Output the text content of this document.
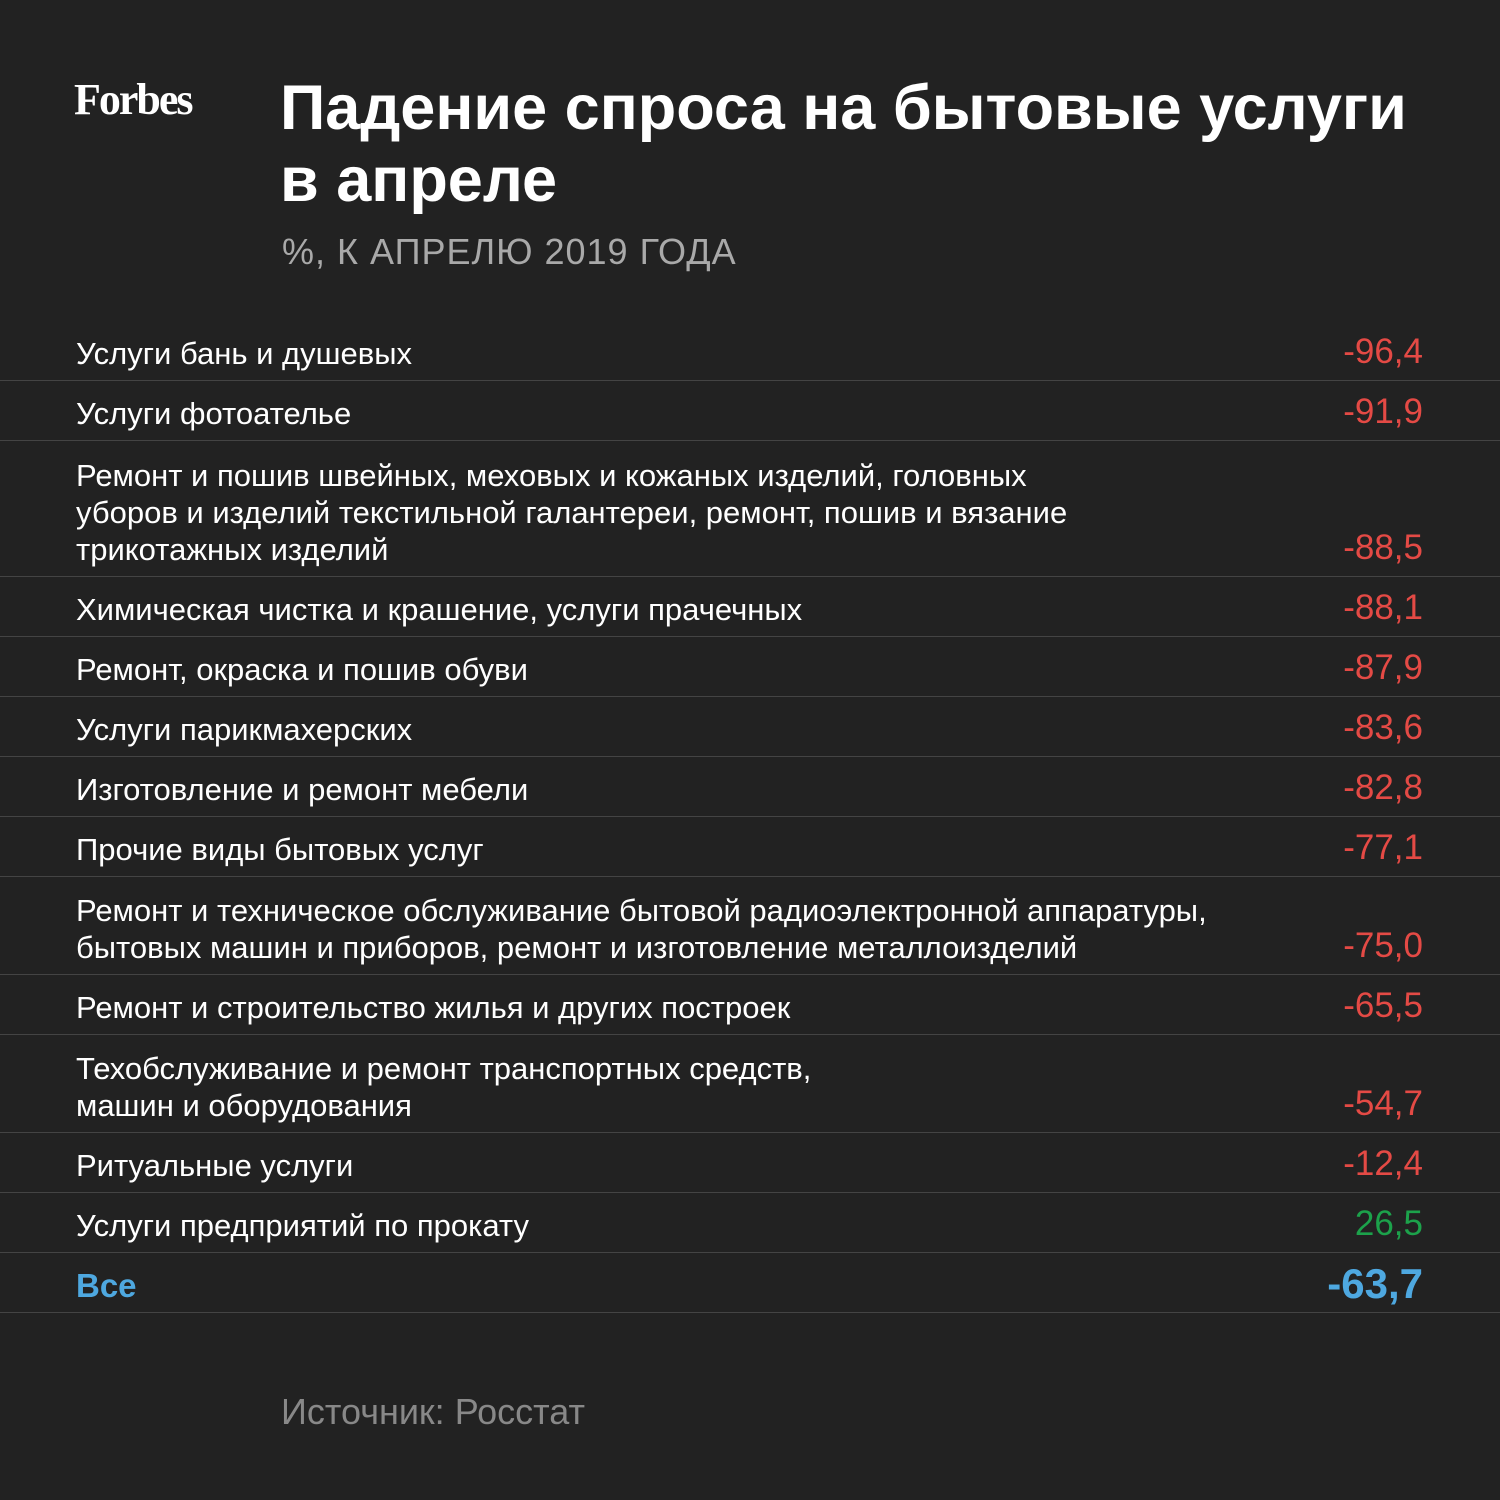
Forbes Падение спроса на бытовые услуги в апреле
%, К АПРЕЛЮ 2019 ГОДА
Услуги бань и душевых	-96,4
Услуги фотоателье	-91,9
Ремонт и пошив швейных, меховых и кожаных изделий, головных
уборов и изделий текстильной галантереи, ремонт, пошив и вязание
трикотажных изделий	-88,5
Химическая чистка и крашение, услуги прачечных	-88,1
Ремонт, окраска и пошив обуви	-87,9
Услуги парикмахерских	-83,6
Изготовление и ремонт мебели	-82,8
Прочие виды бытовых услуг	-77,1
Ремонт и техническое обслуживание бытовой радиоэлектронной аппаратуры,
бытовых машин и приборов, ремонт и изготовление металлоизделий	-75,0
Ремонт и строительство жилья и других построек	-65,5
Техобслуживание и ремонт транспортных средств,
машин и оборудования	-54,7
Ритуальные услуги	-12,4
Услуги предприятий по прокату	26,5
Все	-63,7
Источник: Росстат
